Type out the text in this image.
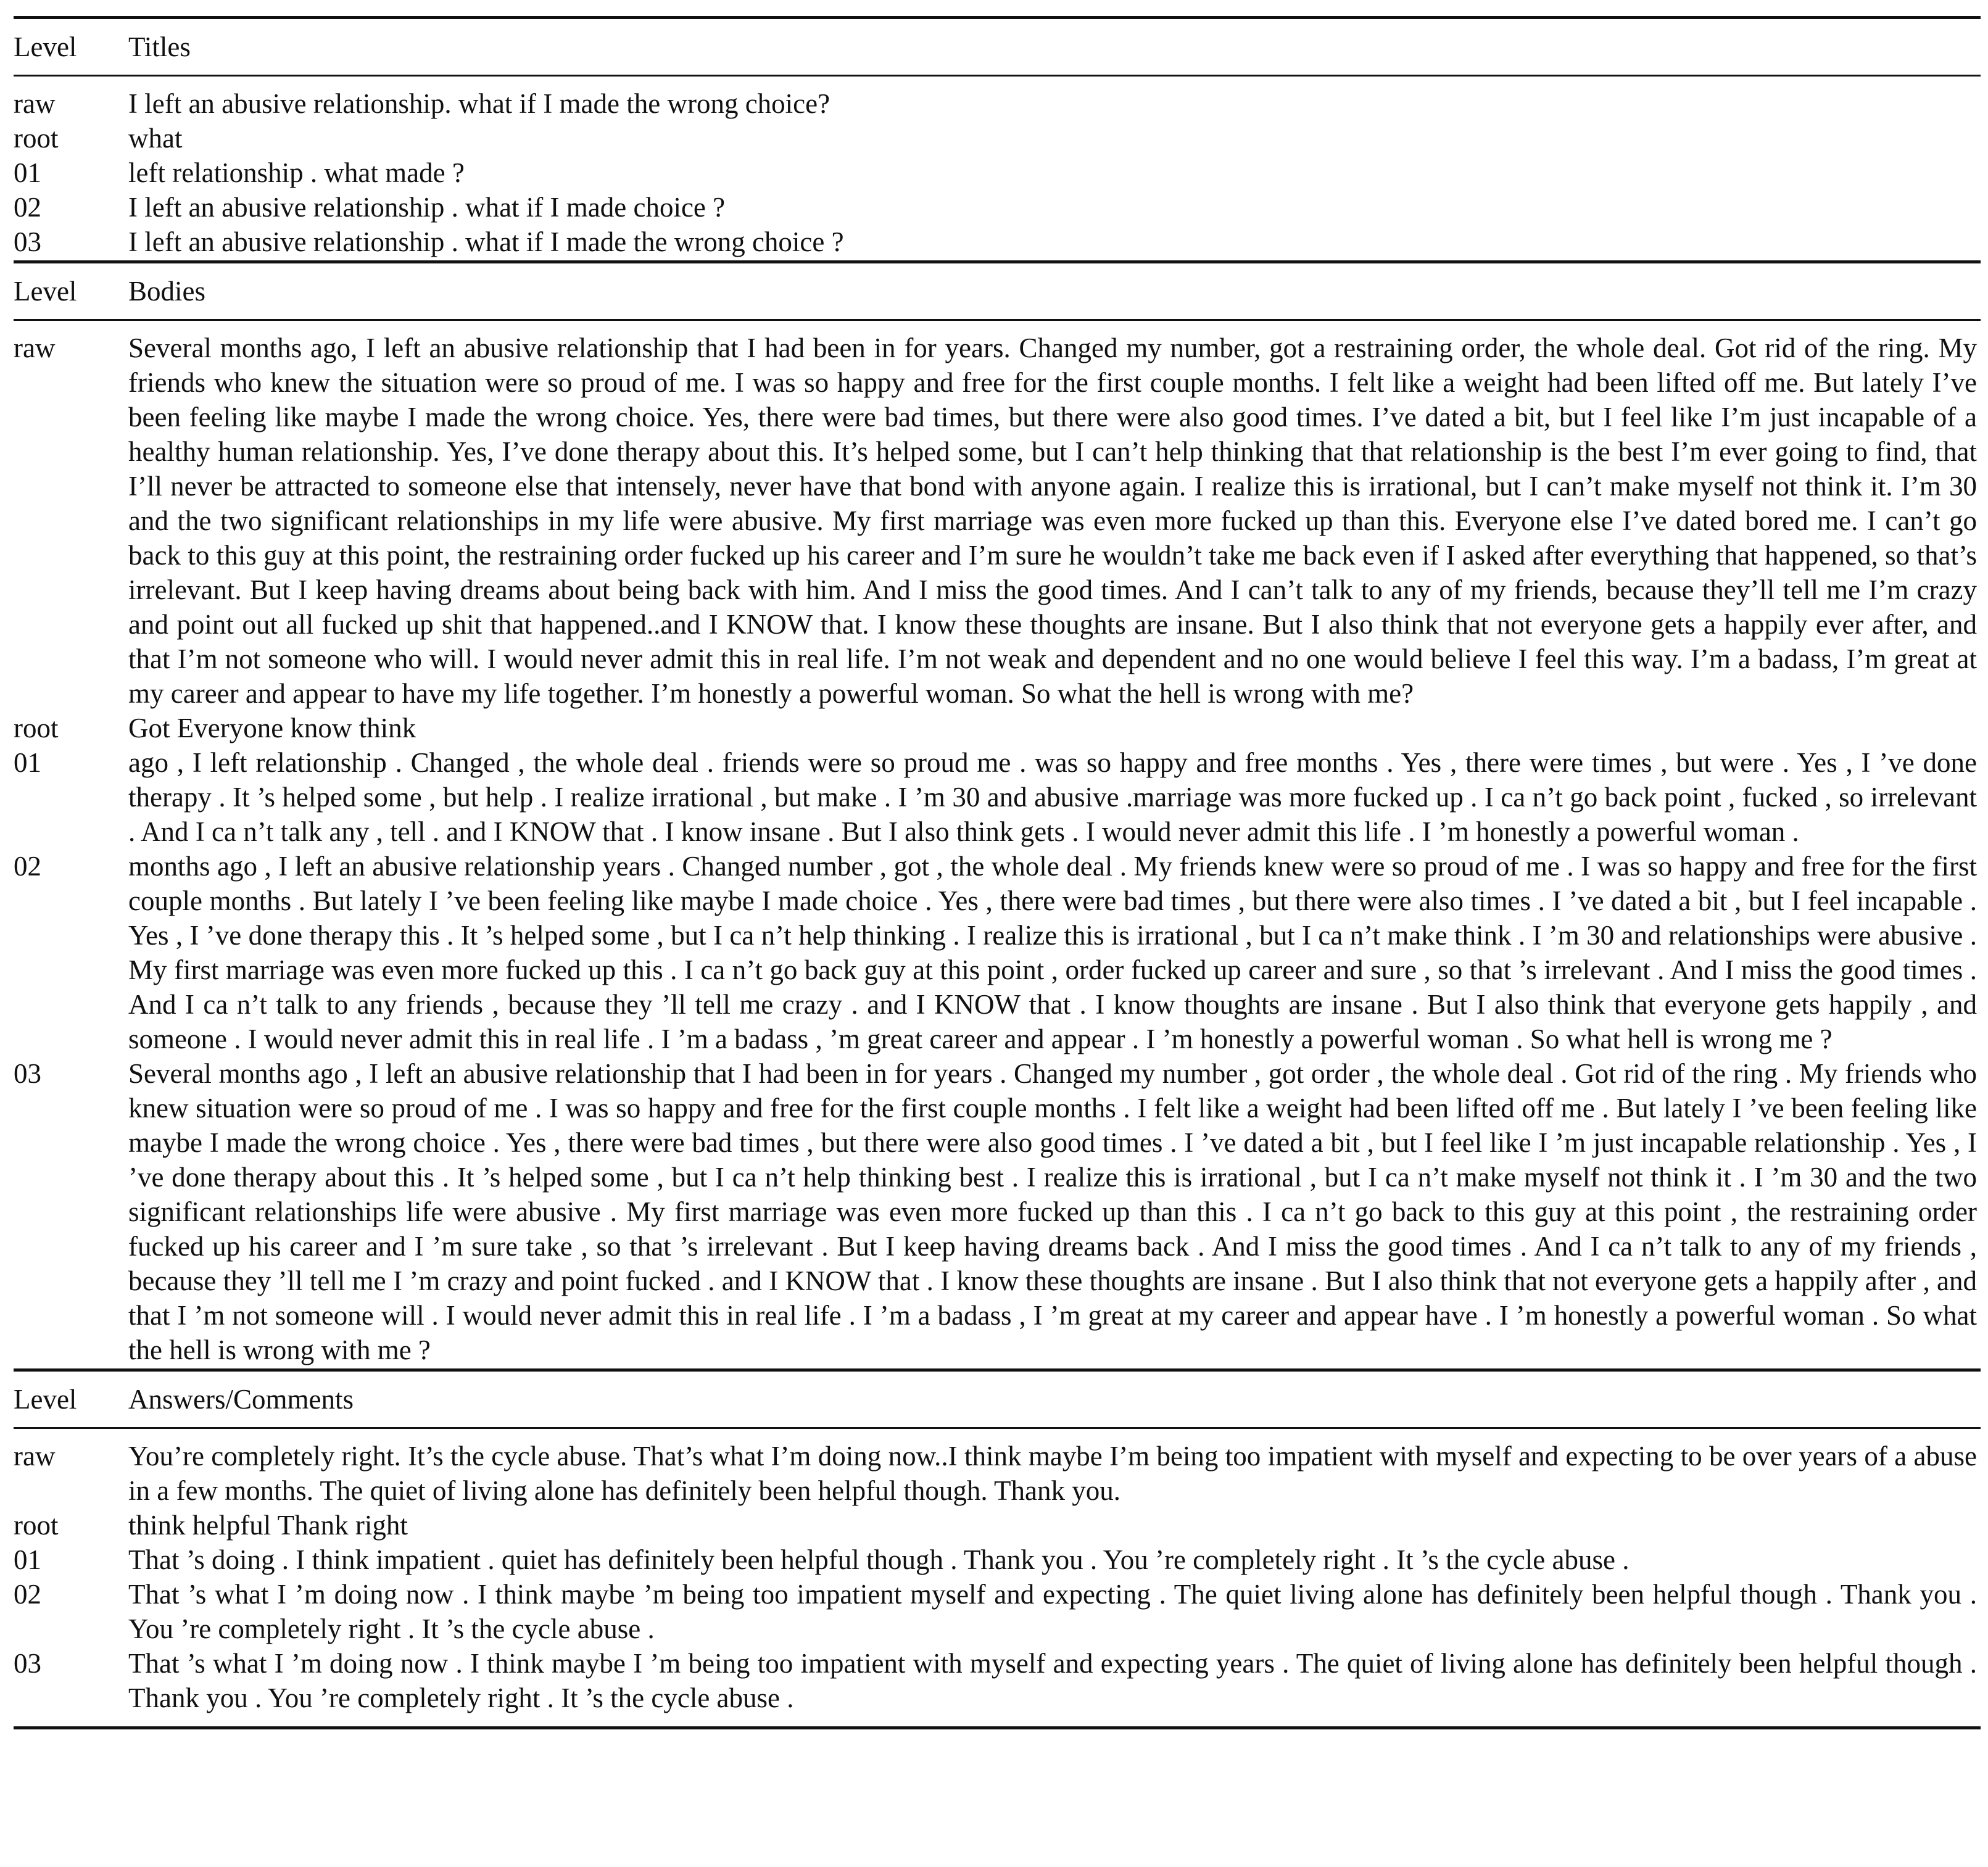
Level	Titles
raw	I left an abusive relationship. what if I made the wrong choice?
root	what
01	left relationship . what made ?
02	I left an abusive relationship . what if I made choice ?
03	I left an abusive relationship . what if I made the wrong choice ?
Level	Bodies
raw	Several months ago, I left an abusive relationship that I had been in for years. Changed my number, got a restraining order, the whole deal. Got rid of the ring. My friends who knew the situation were so proud of me. I was so happy and free for the first couple months. I felt like a weight had been lifted off me. But lately I’ve been feeling like maybe I made the wrong choice. Yes, there were bad times, but there were also good times. I’ve dated a bit, but I feel like I’m just incapable of a healthy human relationship. Yes, I’ve done therapy about this. It’s helped some, but I can’t help thinking that that relationship is the best I’m ever going to find, that I’ll never be attracted to someone else that intensely, never have that bond with anyone again. I realize this is irrational, but I can’t make myself not think it. I’m 30 and the two significant relationships in my life were abusive. My first marriage was even more fucked up than this. Everyone else I’ve dated bored me. I can’t go back to this guy at this point, the restraining order fucked up his career and I’m sure he wouldn’t take me back even if I asked after everything that happened, so that’s irrelevant. But I keep having dreams about being back with him. And I miss the good times. And I can’t talk to any of my friends, because they’ll tell me I’m crazy and point out all fucked up shit that happened..and I KNOW that. I know these thoughts are insane. But I also think that not everyone gets a happily ever after, and that I’m not someone who will. I would never admit this in real life. I’m not weak and dependent and no one would believe I feel this way. I’m a badass, I’m great at my career and appear to have my life together. I’m honestly a powerful woman. So what the hell is wrong with me?
root	Got Everyone know think
01	ago , I left relationship . Changed , the whole deal . friends were so proud me . was so happy and free months . Yes , there were times , but were . Yes , I ’ve done therapy . It ’s helped some , but help . I realize irrational , but make . I ’m 30 and abusive .marriage was more fucked up . I ca n’t go back point , fucked , so irrelevant . And I ca n’t talk any , tell . and I KNOW that . I know insane . But I also think gets . I would never admit this life . I ’m honestly a powerful woman .
02	months ago , I left an abusive relationship years . Changed number , got , the whole deal . My friends knew were so proud of me . I was so happy and free for the first couple months . But lately I ’ve been feeling like maybe I made choice . Yes , there were bad times , but there were also times . I ’ve dated a bit , but I feel incapable . Yes , I ’ve done therapy this . It ’s helped some , but I ca n’t help thinking . I realize this is irrational , but I ca n’t make think . I ’m 30 and relationships were abusive . My first marriage was even more fucked up this . I ca n’t go back guy at this point , order fucked up career and sure , so that ’s irrelevant . And I miss the good times . And I ca n’t talk to any friends , because they ’ll tell me crazy . and I KNOW that . I know thoughts are insane . But I also think that everyone gets happily , and someone . I would never admit this in real life . I ’m a badass , ’m great career and appear . I ’m honestly a powerful woman . So what hell is wrong me ?
03	Several months ago , I left an abusive relationship that I had been in for years . Changed my number , got order , the whole deal . Got rid of the ring . My friends who knew situation were so proud of me . I was so happy and free for the first couple months . I felt like a weight had been lifted off me . But lately I ’ve been feeling like maybe I made the wrong choice . Yes , there were bad times , but there were also good times . I ’ve dated a bit , but I feel like I ’m just incapable relationship . Yes , I ’ve done therapy about this . It ’s helped some , but I ca n’t help thinking best . I realize this is irrational , but I ca n’t make myself not think it . I ’m 30 and the two significant relationships life were abusive . My first marriage was even more fucked up than this . I ca n’t go back to this guy at this point , the restraining order fucked up his career and I ’m sure take , so that ’s irrelevant . But I keep having dreams back . And I miss the good times . And I ca n’t talk to any of my friends , because they ’ll tell me I ’m crazy and point fucked . and I KNOW that . I know these thoughts are insane . But I also think that not everyone gets a happily after , and that I ’m not someone will . I would never admit this in real life . I ’m a badass , I ’m great at my career and appear have . I ’m honestly a powerful woman . So what the hell is wrong with me ?
Level	Answers/Comments
raw	You’re completely right. It’s the cycle abuse. That’s what I’m doing now..I think maybe I’m being too impatient with myself and expecting to be over years of a abuse in a few months. The quiet of living alone has definitely been helpful though. Thank you.
root	think helpful Thank right
01	That ’s doing . I think impatient . quiet has definitely been helpful though . Thank you . You ’re completely right . It ’s the cycle abuse .
02	That ’s what I ’m doing now . I think maybe ’m being too impatient myself and expecting . The quiet living alone has definitely been helpful though . Thank you . You ’re completely right . It ’s the cycle abuse .
03	That ’s what I ’m doing now . I think maybe I ’m being too impatient with myself and expecting years . The quiet of living alone has definitely been helpful though . Thank you . You ’re completely right . It ’s the cycle abuse .
